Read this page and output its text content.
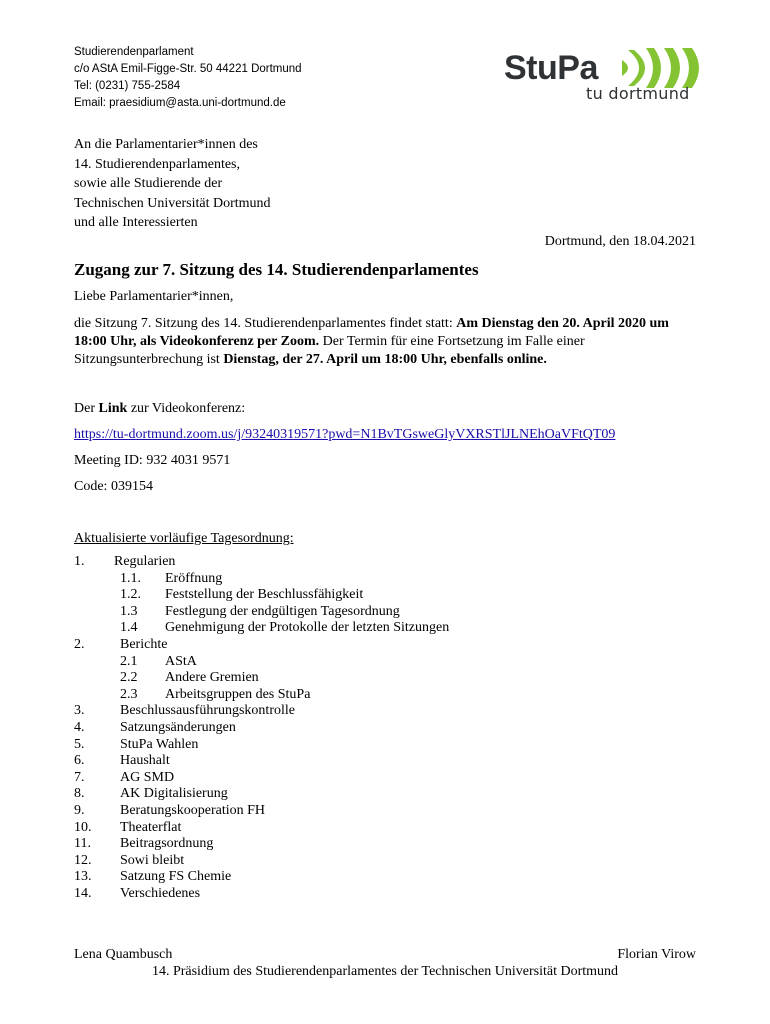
Studierendenparlament
c/o AStA Emil-Figge-Str. 50 44221 Dortmund
Tel: (0231) 755-2584
Email: praesidium@asta.uni-dortmund.de
StuPa
tu dortmund
An die Parlamentarier*innen des
14. Studierendenparlamentes,
sowie alle Studierende der
Technischen Universität Dortmund
und alle Interessierten
Dortmund, den 18.04.2021
Zugang zur 7. Sitzung des 14. Studierendenparlamentes
Liebe Parlamentarier*innen,
die Sitzung 7. Sitzung des 14. Studierendenparlamentes findet statt: Am Dienstag den 20. April 2020 um 18:00 Uhr, als Videokonferenz per Zoom. Der Termin für eine Fortsetzung im Falle einer Sitzungsunterbrechung ist Dienstag, der 27. April um 18:00 Uhr, ebenfalls online.
Der Link zur Videokonferenz:
https://tu-dortmund.zoom.us/j/93240319571?pwd=N1BvTGsweGlyVXRSTlJLNEhOaVFtQT09
Meeting ID: 932 4031 9571
Code: 039154
Aktualisierte vorläufige Tagesordnung:
1. Regularien
1.1. Eröffnung
1.2. Feststellung der Beschlussfähigkeit
1.3 Festlegung der endgültigen Tagesordnung
1.4 Genehmigung der Protokolle der letzten Sitzungen
2.	Berichte
2.1 AStA
2.2 Andere Gremien
2.3 Arbeitsgruppen des StuPa
3.	Beschlussausführungskontrolle
4.	Satzungsänderungen
5.	StuPa Wahlen
6.	Haushalt
7.	AG SMD
8.	AK Digitalisierung
9.	Beratungskooperation FH
10. Theaterflat
11. Beitragsordnung
12. Sowi bleibt
13. Satzung FS Chemie
14. Verschiedenes
Lena Quambusch	Florian Virow
14. Präsidium des Studierendenparlamentes der Technischen Universität Dortmund
